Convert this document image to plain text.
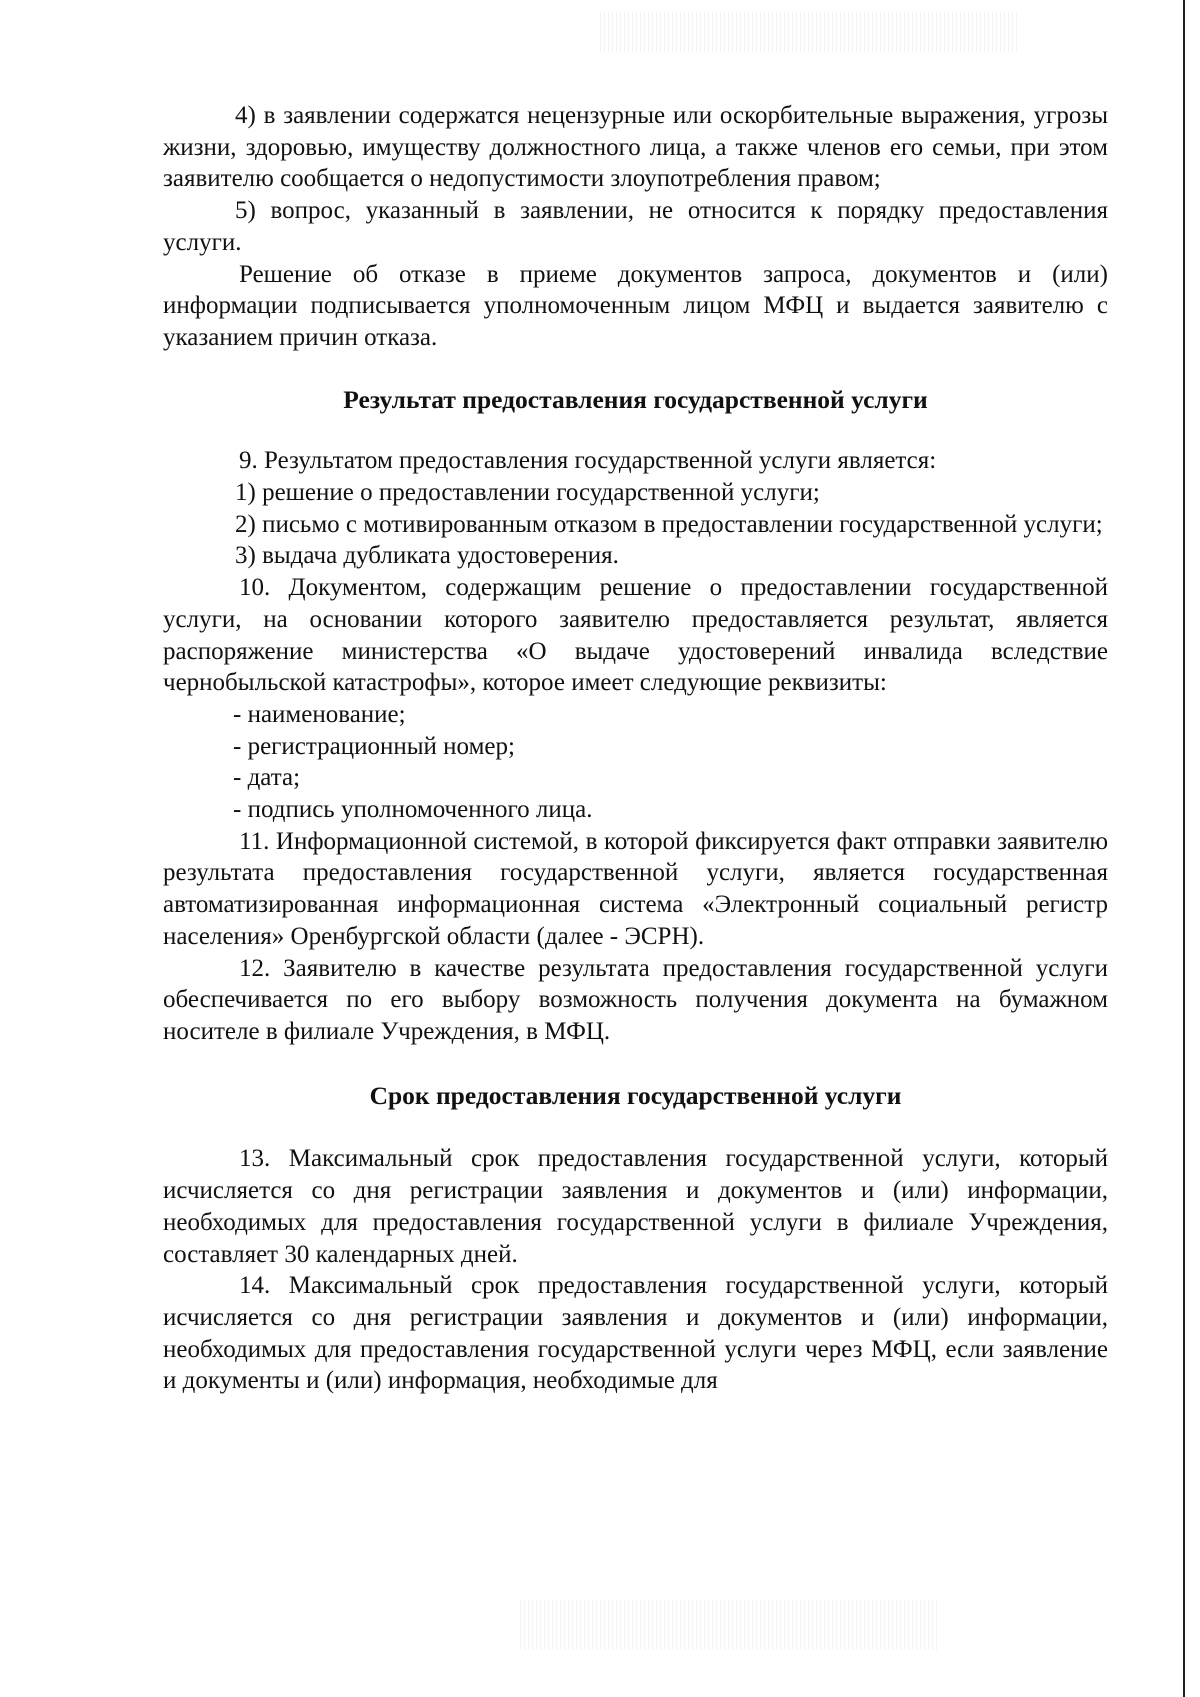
4) в заявлении содержатся нецензурные или оскорбительные выражения, угрозы жизни, здоровью, имуществу должностного лица, а также членов его семьи, при этом заявителю сообщается о недопустимости злоупотребления правом;

5) вопрос, указанный в заявлении, не относится к порядку предоставления услуги.

Решение об отказе в приеме документов запроса, документов и (или) информации подписывается уполномоченным лицом МФЦ и выдается заявителю с указанием причин отказа.

Результат предоставления государственной услуги

9. Результатом предоставления государственной услуги является:

1) решение о предоставлении государственной услуги;

2) письмо с мотивированным отказом в предоставлении государственной услуги;

3) выдача дубликата удостоверения.

10. Документом, содержащим решение о предоставлении государственной услуги, на основании которого заявителю предоставляется результат, является распоряжение министерства «О выдаче удостоверений инвалида вследствие чернобыльской катастрофы», которое имеет следующие реквизиты:

- наименование;

- регистрационный номер;

- дата;

- подпись уполномоченного лица.

11. Информационной системой, в которой фиксируется факт отправки заявителю результата предоставления государственной услуги, является государственная автоматизированная информационная система «Электронный социальный регистр населения» Оренбургской области (далее - ЭСРН).

12. Заявителю в качестве результата предоставления государственной услуги обеспечивается по его выбору возможность получения документа на бумажном носителе в филиале Учреждения, в МФЦ.

Срок предоставления государственной услуги

13. Максимальный срок предоставления государственной услуги, который исчисляется со дня регистрации заявления и документов и (или) информации, необходимых для предоставления государственной услуги в филиале Учреждения, составляет 30 календарных дней.

14. Максимальный срок предоставления государственной услуги, который исчисляется со дня регистрации заявления и документов и (или) информации, необходимых для предоставления государственной услуги через МФЦ, если заявление и документы и (или) информация, необходимые для
